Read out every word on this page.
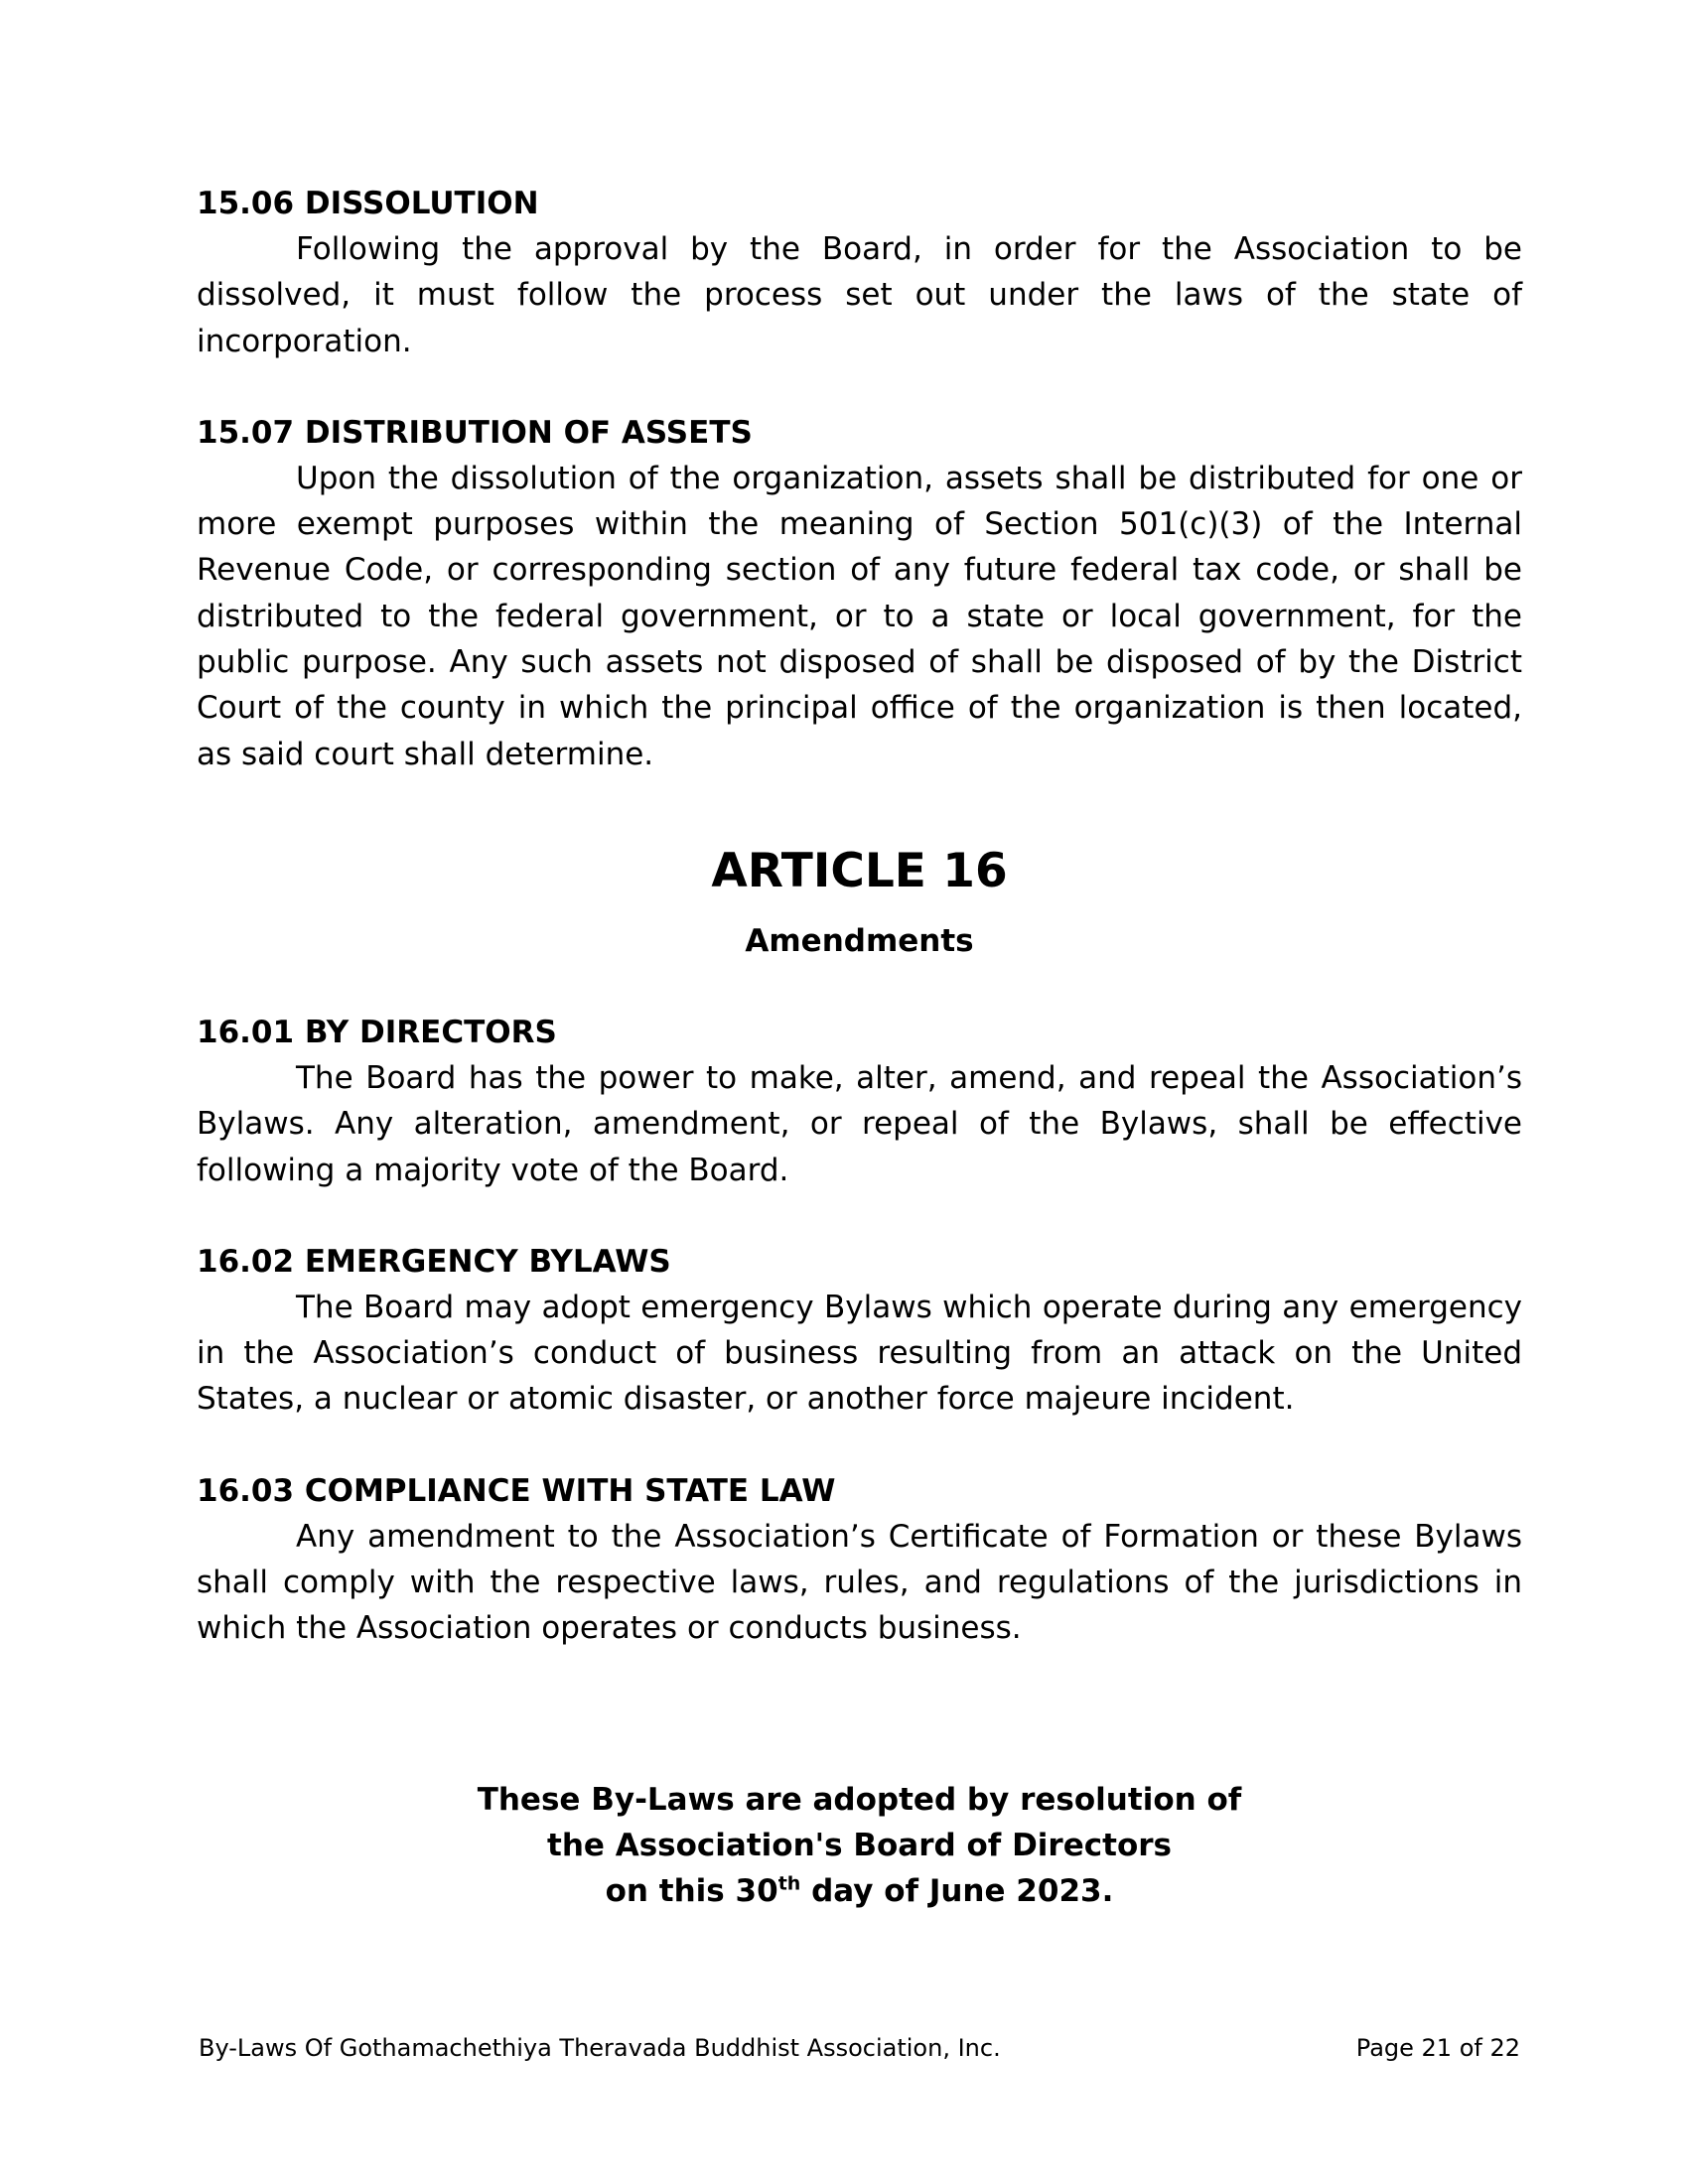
15.06 DISSOLUTION

Following the approval by the Board, in order for the Association to be dissolved, it must follow the process set out under the laws of the state of incorporation.

15.07 DISTRIBUTION OF ASSETS

Upon the dissolution of the organization, assets shall be distributed for one or more exempt purposes within the meaning of Section 501(c)(3) of the Internal Revenue Code, or corresponding section of any future federal tax code, or shall be distributed to the federal government, or to a state or local government, for the public purpose. Any such assets not disposed of shall be disposed of by the District Court of the county in which the principal office of the organization is then located, as said court shall determine.

ARTICLE 16

Amendments

16.01 BY DIRECTORS

The Board has the power to make, alter, amend, and repeal the Association’s Bylaws. Any alteration, amendment, or repeal of the Bylaws, shall be effective following a majority vote of the Board.

16.02 EMERGENCY BYLAWS

The Board may adopt emergency Bylaws which operate during any emergency in the Association’s conduct of business resulting from an attack on the United States, a nuclear or atomic disaster, or another force majeure incident.

16.03 COMPLIANCE WITH STATE LAW

Any amendment to the Association’s Certificate of Formation or these Bylaws shall comply with the respective laws, rules, and regulations of the jurisdictions in which the Association operates or conducts business.

These By-Laws are adopted by resolution of
the Association's Board of Directors
on this 30th day of June 2023.
By-Laws Of Gothamachethiya Theravada Buddhist Association, Inc.	Page 21 of 22
